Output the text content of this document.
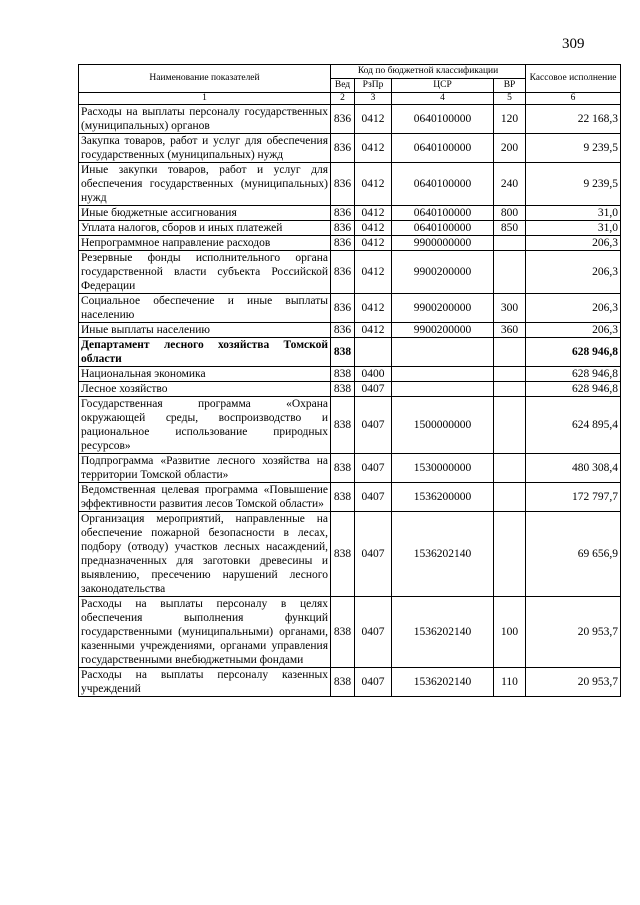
309
Наименование показателей	Код по бюджетной классификации				Кассовое исполнение
	Вед	РзПр	ЦСР	ВР	
1	2	3	4	5	6
Расходы на выплаты персоналу государственных (муниципальных) органов	836	0412	0640100000	120	22 168,3
Закупка товаров, работ и услуг для обеспечения государственных (муниципальных) нужд	836	0412	0640100000	200	9 239,5
Иные закупки товаров, работ и услуг для обеспечения государственных (муниципальных) нужд	836	0412	0640100000	240	9 239,5
Иные бюджетные ассигнования	836	0412	0640100000	800	31,0
Уплата налогов, сборов и иных платежей	836	0412	0640100000	850	31,0
Непрограммное направление расходов	836	0412	9900000000		206,3
Резервные фонды исполнительного органа государственной власти субъекта Российской Федерации	836	0412	9900200000		206,3
Социальное обеспечение и иные выплаты населению	836	0412	9900200000	300	206,3
Иные выплаты населению	836	0412	9900200000	360	206,3
Департамент лесного хозяйства Томской области	838				628 946,8
Национальная экономика	838	0400			628 946,8
Лесное хозяйство	838	0407			628 946,8
Государственная программа «Охрана окружающей среды, воспроизводство и рациональное использование природных ресурсов»	838	0407	1500000000		624 895,4
Подпрограмма «Развитие лесного хозяйства на территории Томской области»	838	0407	1530000000		480 308,4
Ведомственная целевая программа «Повышение эффективности развития лесов Томской области»	838	0407	1536200000		172 797,7
Организация мероприятий, направленные на обеспечение пожарной безопасности в лесах, подбору (отводу) участков лесных насаждений, предназначенных для заготовки древесины и выявлению, пресечению нарушений лесного законодательства	838	0407	1536202140		69 656,9
Расходы на выплаты персоналу в целях обеспечения выполнения функций государственными (муниципальными) органами, казенными учреждениями, органами управления государственными внебюджетными фондами	838	0407	1536202140	100	20 953,7
Расходы на выплаты персоналу казенных учреждений	838	0407	1536202140	110	20 953,7
